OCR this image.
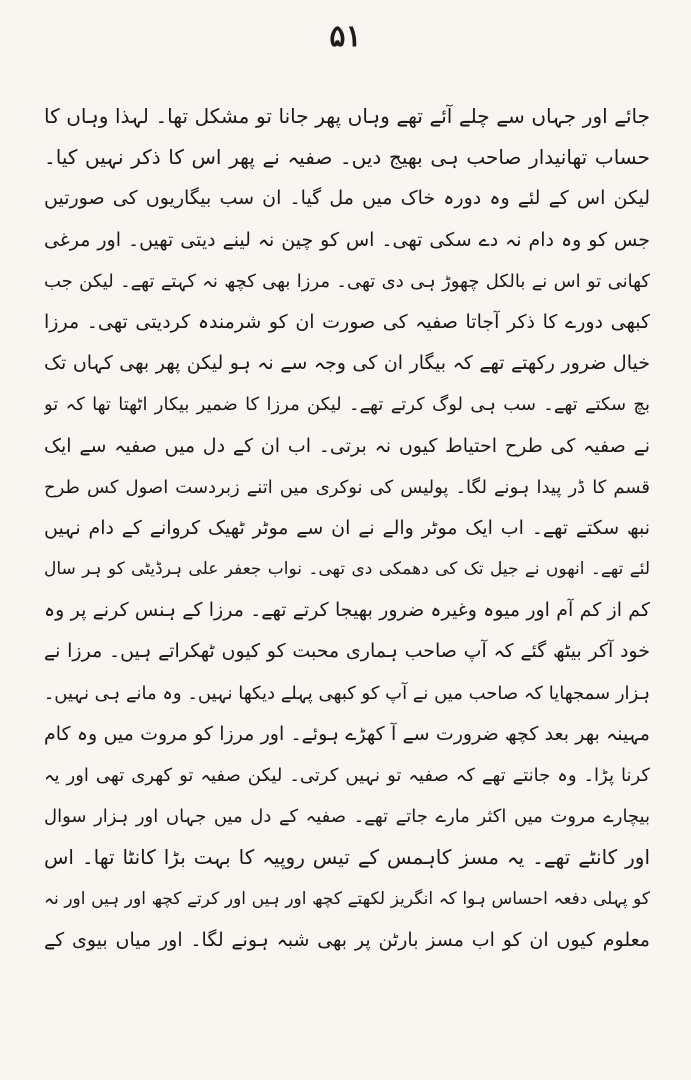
۵۱
جائے اور جہاں سے چلے آئے تھے وہاں پھر جانا تو مشکل تھا۔ لہذا وہاں کا
حساب تھانیدار صاحب ہی بھیج دیں۔ صفیہ نے پھر اس کا ذکر نہیں کیا۔
لیکن اس کے لئے وہ دورہ خاک میں مل گیا۔ ان سب بیگاریوں کی صورتیں
جس کو وہ دام نہ دے سکی تھی۔ اس کو چین نہ لینے دیتی تھیں۔ اور مرغی
کھانی تو اس نے بالکل چھوڑ ہی دی تھی۔ مرزا بھی کچھ نہ کہتے تھے۔ لیکن جب
کبھی دورے کا ذکر آجاتا صفیہ کی صورت ان کو شرمندہ کردیتی تھی۔ مرزا
خیال ضرور رکھتے تھے کہ بیگار ان کی وجہ سے نہ ہو لیکن پھر بھی کہاں تک
بچ سکتے تھے۔ سب ہی لوگ کرتے تھے۔ لیکن مرزا کا ضمیر بیکار اٹھتا تھا کہ تو
نے صفیہ کی طرح احتیاط کیوں نہ برتی۔ اب ان کے دل میں صفیہ سے ایک
قسم کا ڈر پیدا ہونے لگا۔ پولیس کی نوکری میں اتنے زبردست اصول کس طرح
نبھ سکتے تھے۔ اب ایک موٹر والے نے ان سے موٹر ٹھیک کروانے کے دام نہیں
لئے تھے۔ انھوں نے جیل تک کی دھمکی دی تھی۔ نواب جعفر علی ہرڈیٹی کو ہر سال
کم از کم آم اور میوہ وغیرہ ضرور بھیجا کرتے تھے۔ مرزا کے ہنس کرنے پر وہ
خود آکر بیٹھ گئے کہ آپ صاحب ہماری محبت کو کیوں ٹھکراتے ہیں۔ مرزا نے
ہزار سمجھایا کہ صاحب میں نے آپ کو کبھی پہلے دیکھا نہیں۔ وہ مانے ہی نہیں۔
مہینہ بھر بعد کچھ ضرورت سے آ کھڑے ہوئے۔ اور مرزا کو مروت میں وہ کام
کرنا پڑا۔ وہ جانتے تھے کہ صفیہ تو نہیں کرتی۔ لیکن صفیہ تو کھری تھی اور یہ
بیچارے مروت میں اکثر مارے جاتے تھے۔ صفیہ کے دل میں جہاں اور ہزار سوال
اور کانٹے تھے۔ یہ مسز کاہمس کے تیس روپیہ کا بہت بڑا کانٹا تھا۔ اس
کو پہلی دفعہ احساس ہوا کہ انگریز لکھتے کچھ اور ہیں اور کرتے کچھ اور ہیں اور نہ
معلوم کیوں ان کو اب مسز بارٹن پر بھی شبہ ہونے لگا۔ اور میاں بیوی کے
